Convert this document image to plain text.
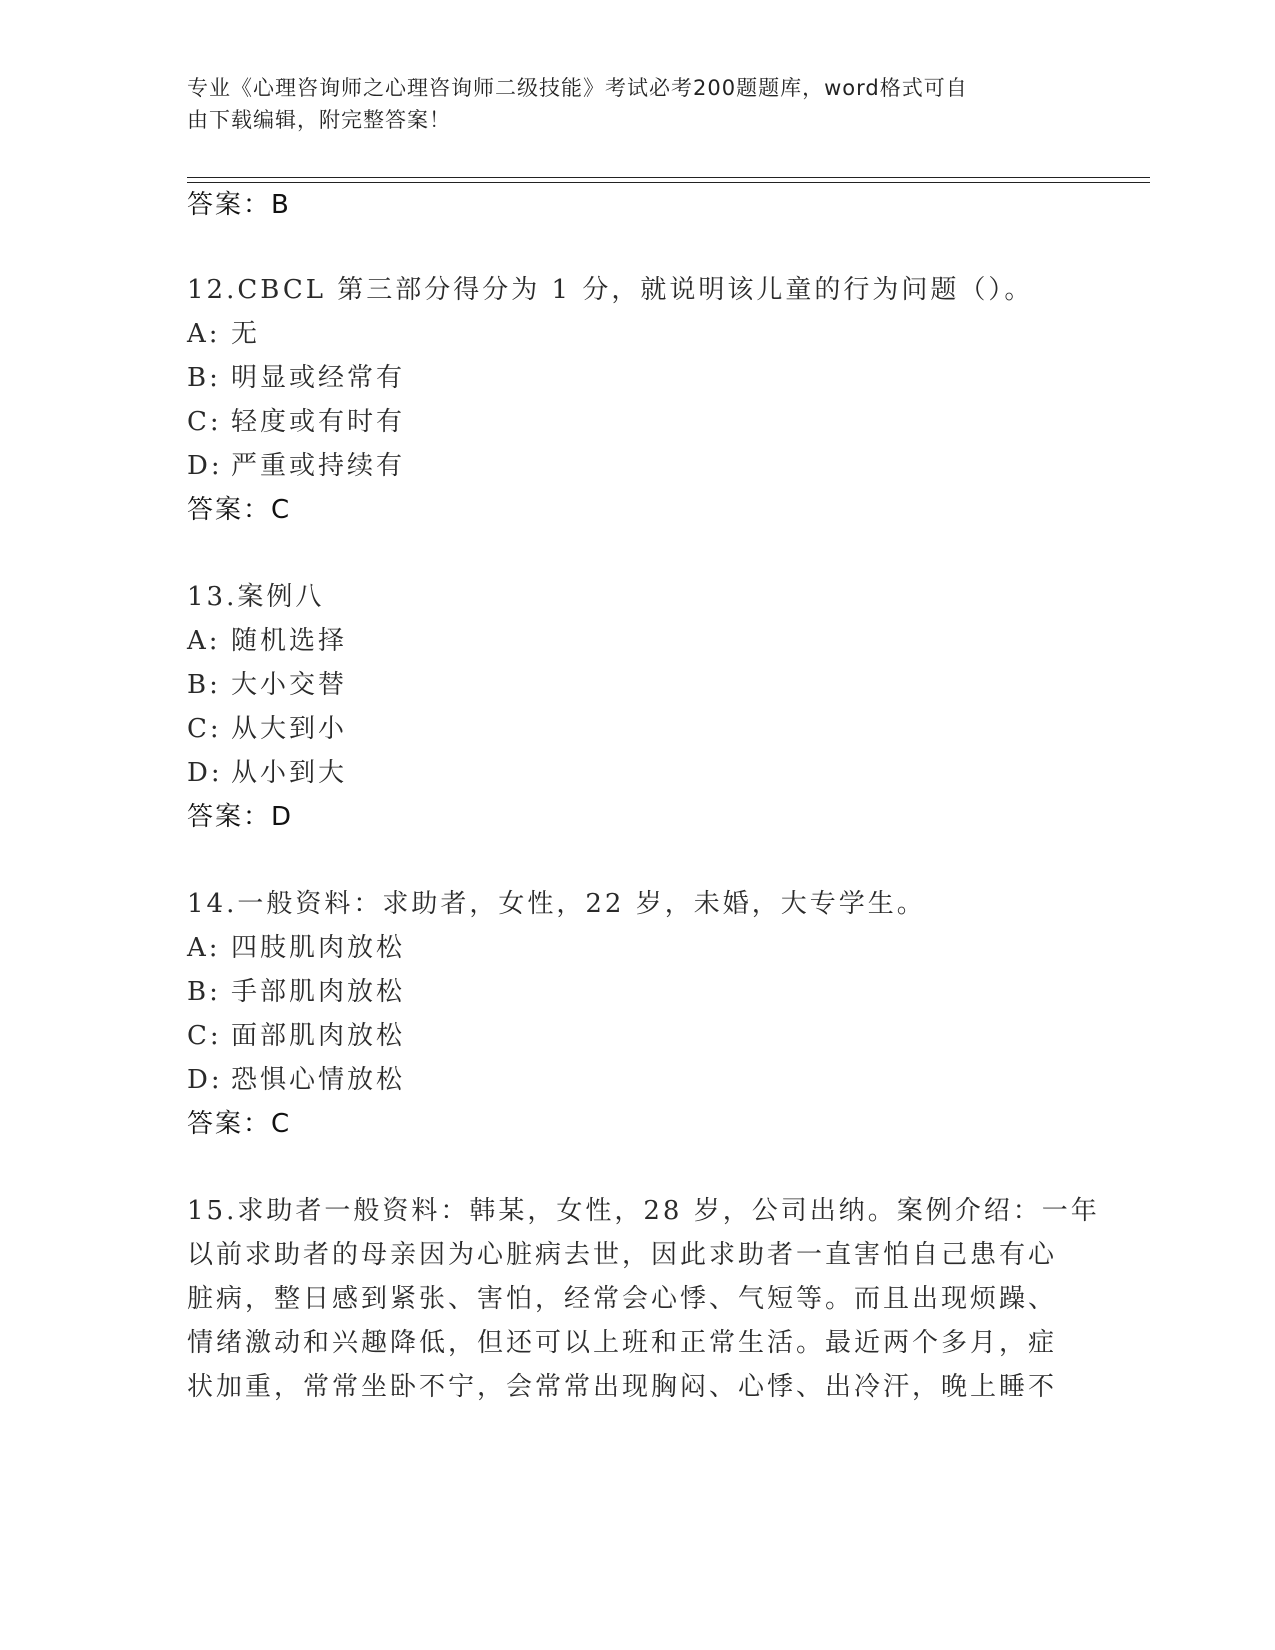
专业《心理咨询师之心理咨询师二级技能》考试必考200题题库，word格式可自
由下载编辑，附完整答案！
答案：B
12.CBCL 第三部分得分为 1 分，就说明该儿童的行为问题（）。
A: 无
B: 明显或经常有
C: 轻度或有时有
D: 严重或持续有
答案：C
13.案例八
A: 随机选择
B: 大小交替
C: 从大到小
D: 从小到大
答案：D
14.一般资料：求助者，女性，22 岁，未婚，大专学生。
A: 四肢肌肉放松
B: 手部肌肉放松
C: 面部肌肉放松
D: 恐惧心情放松
答案：C
15.求助者一般资料：韩某，女性，28 岁，公司出纳。案例介绍：一年
以前求助者的母亲因为心脏病去世，因此求助者一直害怕自己患有心
脏病，整日感到紧张、害怕，经常会心悸、气短等。而且出现烦躁、
情绪激动和兴趣降低，但还可以上班和正常生活。最近两个多月，症
状加重，常常坐卧不宁，会常常出现胸闷、心悸、出冷汗，晚上睡不
